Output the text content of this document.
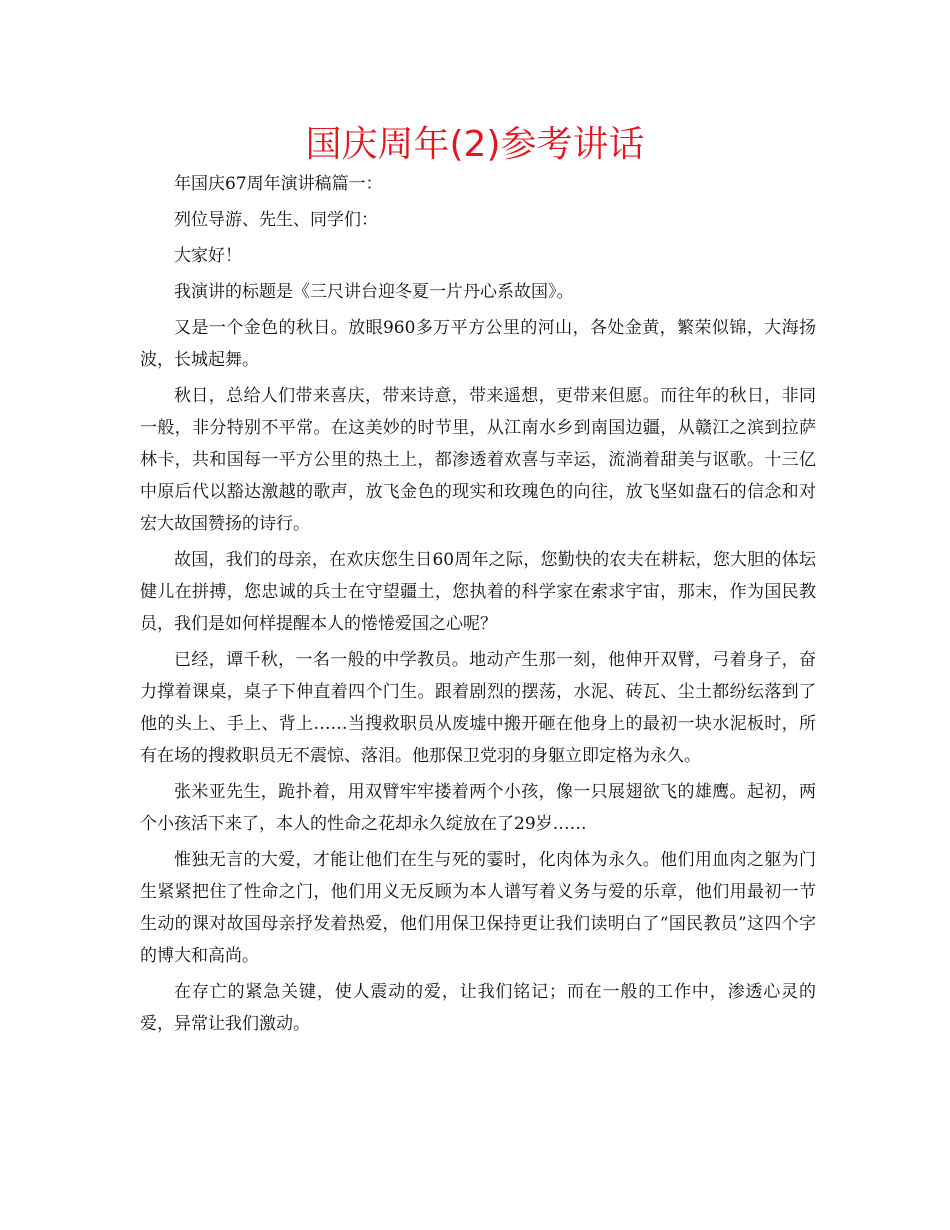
国庆周年(2)参考讲话

年国庆67周年演讲稿篇一：

列位导游、先生、同学们：

大家好！

我演讲的标题是《三尺讲台迎冬夏一片丹心系故国》。

又是一个金色的秋日。放眼960多万平方公里的河山，各处金黄，繁荣似锦，大海扬波，长城起舞。

秋日，总给人们带来喜庆，带来诗意，带来遥想，更带来但愿。而往年的秋日，非同一般，非分特别不平常。在这美妙的时节里，从江南水乡到南国边疆，从赣江之滨到拉萨林卡，共和国每一平方公里的热土上，都渗透着欢喜与幸运，流淌着甜美与讴歌。十三亿中原后代以豁达激越的歌声，放飞金色的现实和玫瑰色的向往，放飞坚如盘石的信念和对宏大故国赞扬的诗行。

故国，我们的母亲，在欢庆您生日60周年之际，您勤快的农夫在耕耘，您大胆的体坛健儿在拼搏，您忠诚的兵士在守望疆土，您执着的科学家在索求宇宙，那末，作为国民教员，我们是如何样提醒本人的惓惓爱国之心呢？

已经，谭千秋，一名一般的中学教员。地动产生那一刻，他伸开双臂，弓着身子，奋力撑着课桌，桌子下伸直着四个门生。跟着剧烈的摆荡，水泥、砖瓦、尘土都纷纭落到了他的头上、手上、背上……当搜救职员从废墟中搬开砸在他身上的最初一块水泥板时，所有在场的搜救职员无不震惊、落泪。他那保卫党羽的身躯立即定格为永久。

张米亚先生，跪扑着，用双臂牢牢搂着两个小孩，像一只展翅欲飞的雄鹰。起初，两个小孩活下来了，本人的性命之花却永久绽放在了29岁……

惟独无言的大爱，才能让他们在生与死的霎时，化肉体为永久。他们用血肉之躯为门生紧紧把住了性命之门，他们用义无反顾为本人谱写着义务与爱的乐章，他们用最初一节生动的课对故国母亲抒发着热爱，他们用保卫保持更让我们读明白了“国民教员”这四个字的博大和高尚。

在存亡的紧急关键，使人震动的爱，让我们铭记；而在一般的工作中，渗透心灵的爱，异常让我们激动。
